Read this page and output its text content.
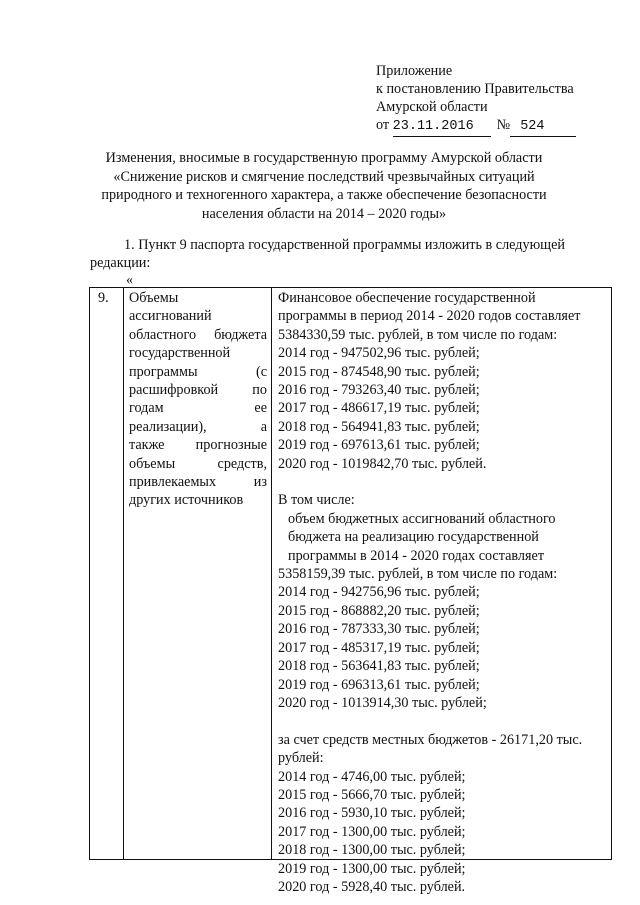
Приложение
к постановлению Правительства
Амурской области
от 23.11.2016 № 524
Изменения, вносимые в государственную программу Амурской области
«Снижение рисков и смягчение последствий чрезвычайных ситуаций
природного и техногенного характера, а также обеспечение безопасности
населения области на 2014 – 2020 годы»
1. Пункт 9 паспорта государственной программы изложить в следующей
редакции:
«
9. Объемы
ассигнований
областного бюджета
государственной
программы (с
расшифровкой по
годам ее
реализации), а
также прогнозные
объемы средств,
привлекаемых из
других источников
Финансовое обеспечение государственной
программы в период 2014 - 2020 годов составляет
5384330,59 тыс. рублей, в том числе по годам:
2014 год - 947502,96 тыс. рублей;
2015 год - 874548,90 тыс. рублей;
2016 год - 793263,40 тыс. рублей;
2017 год - 486617,19 тыс. рублей;
2018 год - 564941,83 тыс. рублей;
2019 год - 697613,61 тыс. рублей;
2020 год - 1019842,70 тыс. рублей.
В том числе:
объем бюджетных ассигнований областного
бюджета на реализацию государственной
программы в 2014 - 2020 годах составляет
5358159,39 тыс. рублей, в том числе по годам:
2014 год - 942756,96 тыс. рублей;
2015 год - 868882,20 тыс. рублей;
2016 год - 787333,30 тыс. рублей;
2017 год - 485317,19 тыс. рублей;
2018 год - 563641,83 тыс. рублей;
2019 год - 696313,61 тыс. рублей;
2020 год - 1013914,30 тыс. рублей;
за счет средств местных бюджетов - 26171,20 тыс.
рублей:
2014 год - 4746,00 тыс. рублей;
2015 год - 5666,70 тыс. рублей;
2016 год - 5930,10 тыс. рублей;
2017 год - 1300,00 тыс. рублей;
2018 год - 1300,00 тыс. рублей;
2019 год - 1300,00 тыс. рублей;
2020 год - 5928,40 тыс. рублей.
